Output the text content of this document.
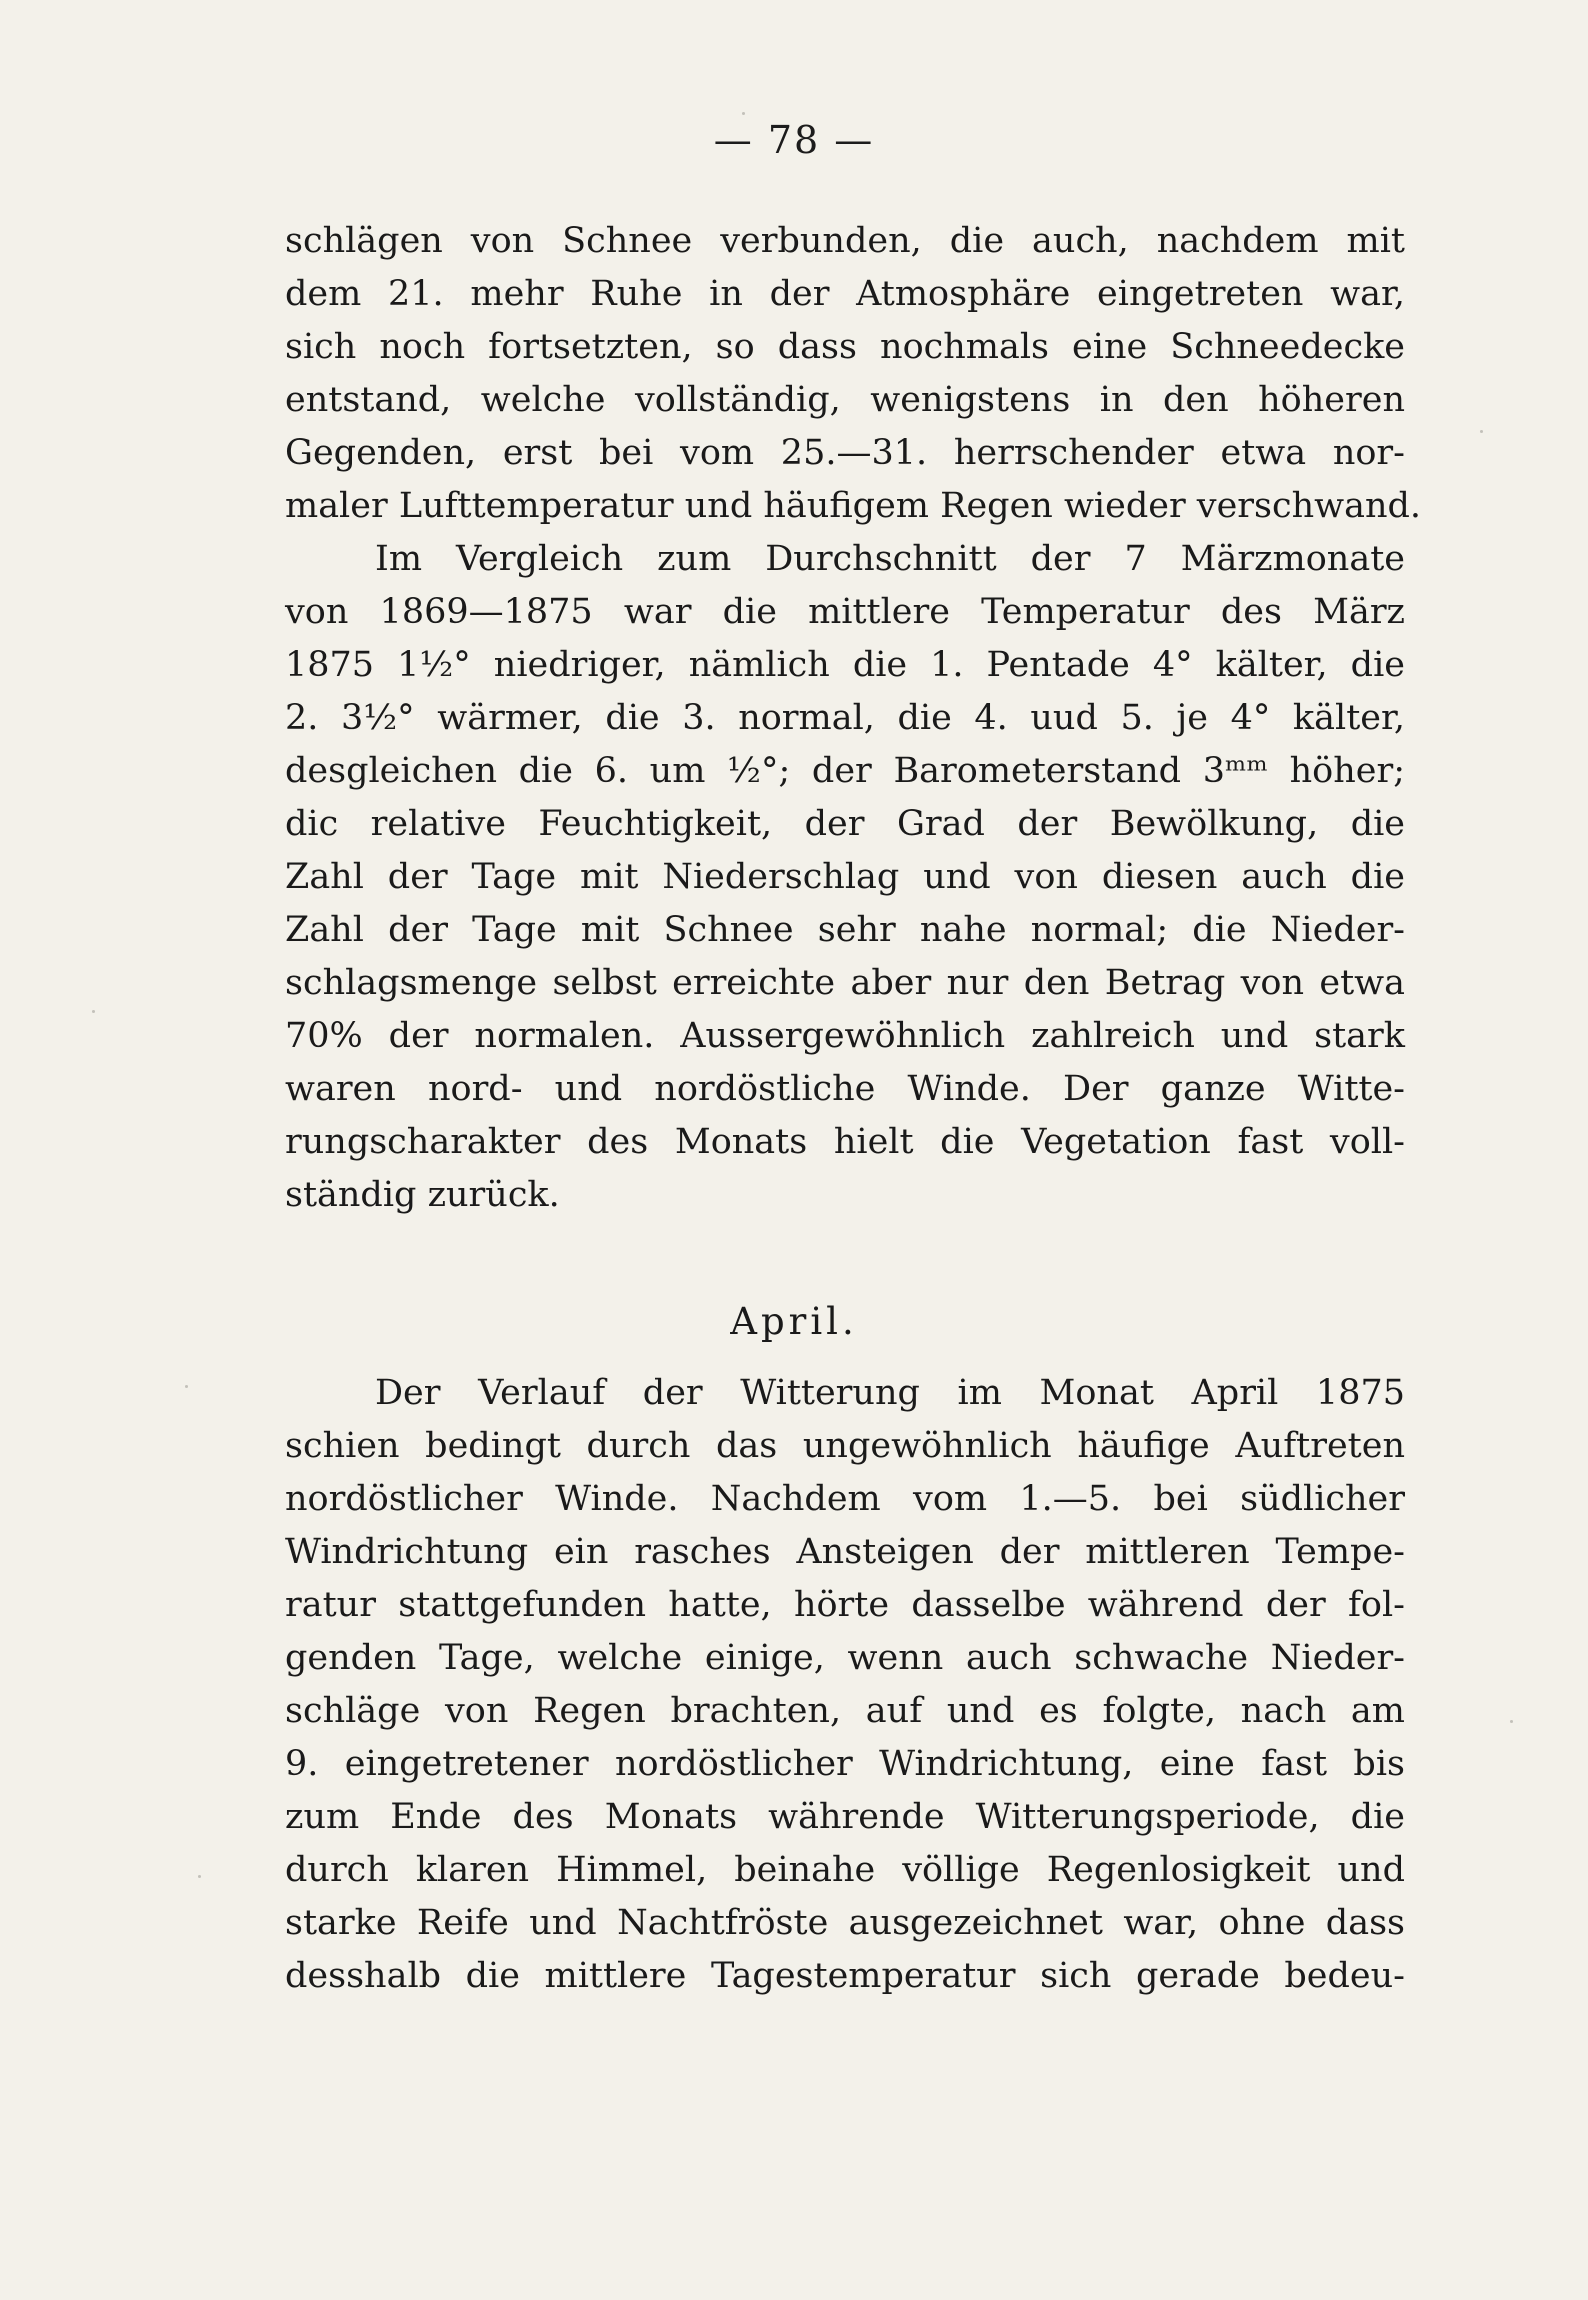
— 78 —
schlägen von Schnee verbunden, die auch, nachdem mit
dem 21. mehr Ruhe in der Atmosphäre eingetreten war,
sich noch fortsetzten, so dass nochmals eine Schneedecke
entstand, welche vollständig, wenigstens in den höheren
Gegenden, erst bei vom 25.—31. herrschender etwa nor-
maler Lufttemperatur und häufigem Regen wieder verschwand.
Im Vergleich zum Durchschnitt der 7 Märzmonate
von 1869—1875 war die mittlere Temperatur des März
1875 1½° niedriger, nämlich die 1. Pentade 4° kälter, die
2. 3½° wärmer, die 3. normal, die 4. uud 5. je 4° kälter,
desgleichen die 6. um ½°; der Barometerstand 3ᵐᵐ höher;
dic relative Feuchtigkeit, der Grad der Bewölkung, die
Zahl der Tage mit Niederschlag und von diesen auch die
Zahl der Tage mit Schnee sehr nahe normal; die Nieder-
schlagsmenge selbst erreichte aber nur den Betrag von etwa
70% der normalen. Aussergewöhnlich zahlreich und stark
waren nord- und nordöstliche Winde. Der ganze Witte-
rungscharakter des Monats hielt die Vegetation fast voll-
ständig zurück.
April.
Der Verlauf der Witterung im Monat April 1875
schien bedingt durch das ungewöhnlich häufige Auftreten
nordöstlicher Winde. Nachdem vom 1.—5. bei südlicher
Windrichtung ein rasches Ansteigen der mittleren Tempe-
ratur stattgefunden hatte, hörte dasselbe während der fol-
genden Tage, welche einige, wenn auch schwache Nieder-
schläge von Regen brachten, auf und es folgte, nach am
9. eingetretener nordöstlicher Windrichtung, eine fast bis
zum Ende des Monats währende Witterungsperiode, die
durch klaren Himmel, beinahe völlige Regenlosigkeit und
starke Reife und Nachtfröste ausgezeichnet war, ohne dass
desshalb die mittlere Tagestemperatur sich gerade bedeu-
